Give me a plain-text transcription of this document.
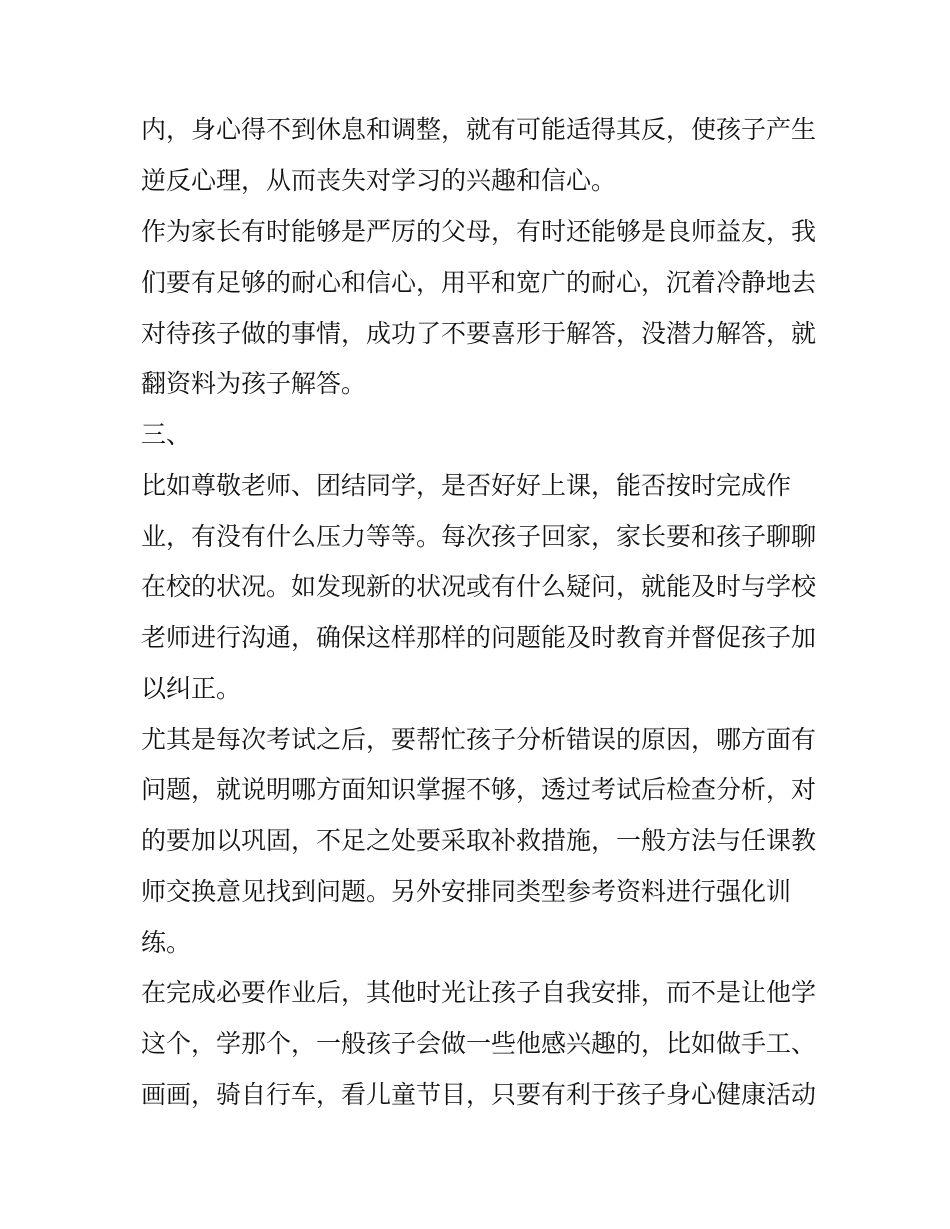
内，身心得不到休息和调整，就有可能适得其反，使孩子产生
逆反心理，从而丧失对学习的兴趣和信心。
作为家长有时能够是严厉的父母，有时还能够是良师益友，我
们要有足够的耐心和信心，用平和宽广的耐心，沉着冷静地去
对待孩子做的事情，成功了不要喜形于解答，没潜力解答，就
翻资料为孩子解答。
三、
比如尊敬老师、团结同学，是否好好上课，能否按时完成作
业，有没有什么压力等等。每次孩子回家，家长要和孩子聊聊
在校的状况。如发现新的状况或有什么疑问，就能及时与学校
老师进行沟通，确保这样那样的问题能及时教育并督促孩子加
以纠正。
尤其是每次考试之后，要帮忙孩子分析错误的原因，哪方面有
问题，就说明哪方面知识掌握不够，透过考试后检查分析，对
的要加以巩固，不足之处要采取补救措施，一般方法与任课教
师交换意见找到问题。另外安排同类型参考资料进行强化训
练。
在完成必要作业后，其他时光让孩子自我安排，而不是让他学
这个，学那个，一般孩子会做一些他感兴趣的，比如做手工、
画画，骑自行车，看儿童节目，只要有利于孩子身心健康活动
